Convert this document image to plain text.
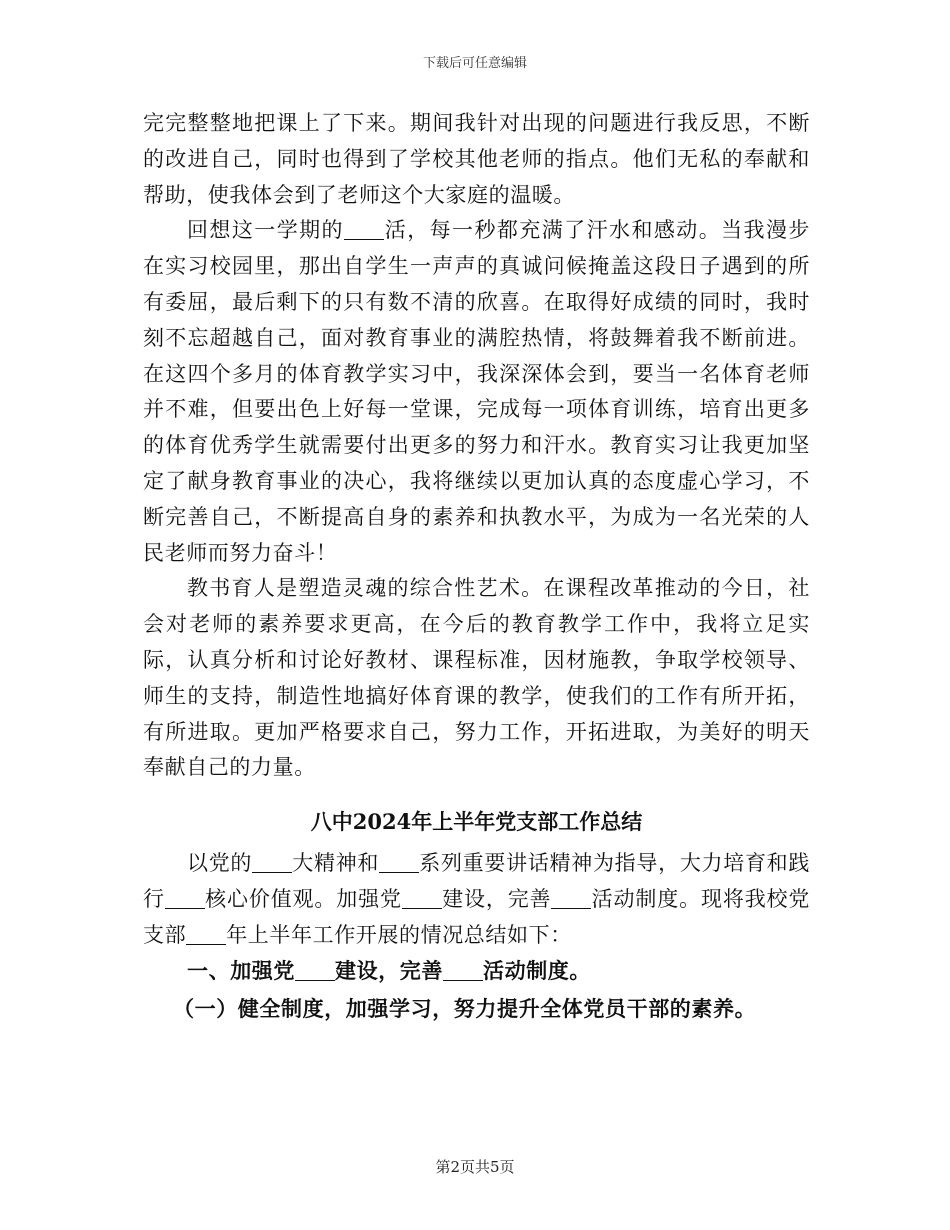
下载后可任意编辑

完完整整地把课上了下来。期间我针对出现的问题进行我反思，不断的改进自己，同时也得到了学校其他老师的指点。他们无私的奉献和帮助，使我体会到了老师这个大家庭的温暖。

回想这一学期的 活，每一秒都充满了汗水和感动。当我漫步在实习校园里，那出自学生一声声的真诚问候掩盖这段日子遇到的所有委屈，最后剩下的只有数不清的欣喜。在取得好成绩的同时，我时刻不忘超越自己，面对教育事业的满腔热情，将鼓舞着我不断前进。在这四个多月的体育教学实习中，我深深体会到，要当一名体育老师并不难，但要出色上好每一堂课，完成每一项体育训练，培育出更多的体育优秀学生就需要付出更多的努力和汗水。教育实习让我更加坚定了献身教育事业的决心，我将继续以更加认真的态度虚心学习，不断完善自己，不断提高自身的素养和执教水平，为成为一名光荣的人民老师而努力奋斗！

教书育人是塑造灵魂的综合性艺术。在课程改革推动的今日，社会对老师的素养要求更高，在今后的教育教学工作中，我将立足实际，认真分析和讨论好教材、课程标准，因材施教，争取学校领导、师生的支持，制造性地搞好体育课的教学，使我们的工作有所开拓，有所进取。更加严格要求自己，努力工作，开拓进取，为美好的明天奉献自己的力量。

八中2024年上半年党支部工作总结

以党的 大精神和 系列重要讲话精神为指导，大力培育和践行 核心价值观。加强党 建设，完善 活动制度。现将我校党支部 年上半年工作开展的情况总结如下：

一、加强党 建设，完善 活动制度。

（一）健全制度，加强学习，努力提升全体党员干部的素养。

第2页共5页
